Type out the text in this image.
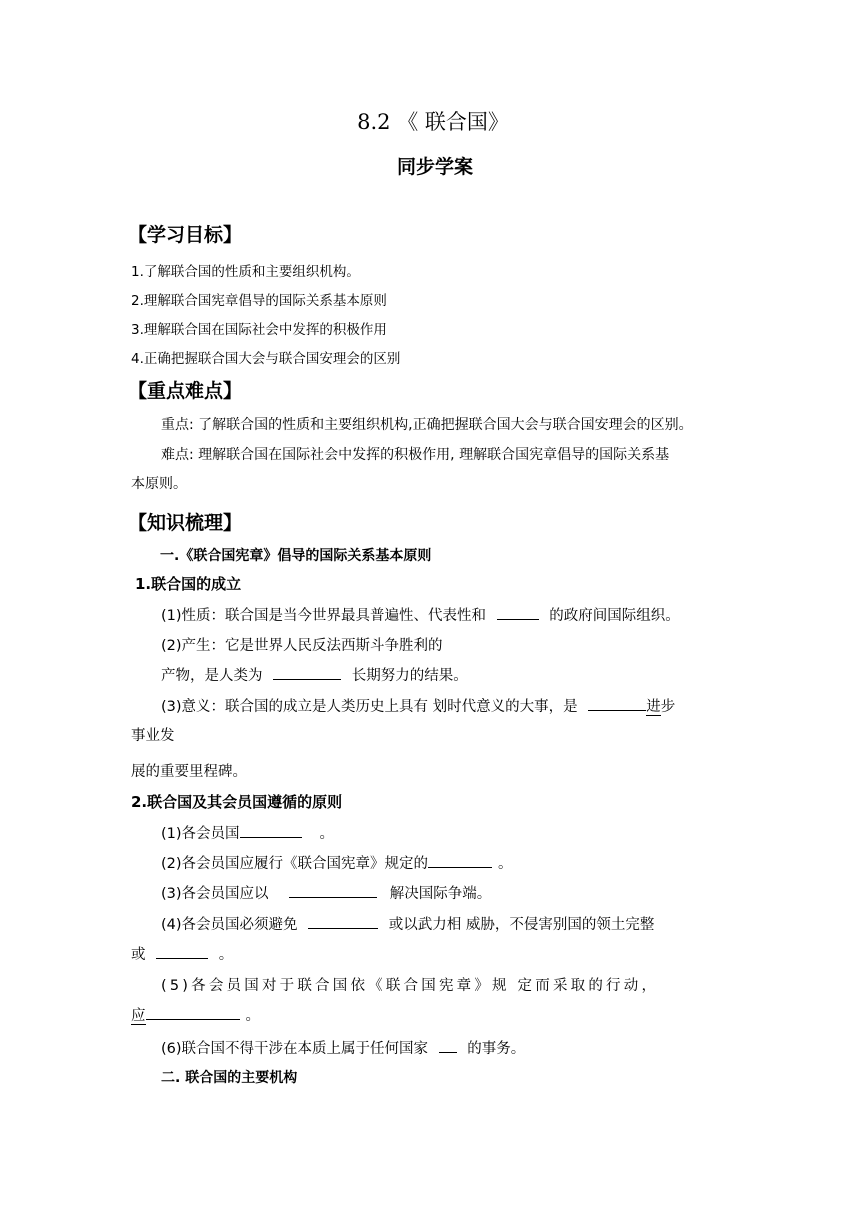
8.2 《 联合国》
同步学案
【学习目标】
1.了解联合国的性质和主要组织机构。
2.理解联合国宪章倡导的国际关系基本原则
3.理解联合国在国际社会中发挥的积极作用
4.正确把握联合国大会与联合国安理会的区别
【重点难点】
重点: 了解联合国的性质和主要组织机构,正确把握联合国大会与联合国安理会的区别。
难点: 理解联合国在国际社会中发挥的积极作用, 理解联合国宪章倡导的国际关系基
本原则。
【知识梳理】
一.《联合国宪章》倡导的国际关系基本原则
1.联合国的成立
(1)性质：联合国是当今世界最具普遍性、代表性和	的政府间国际组织。
(2)产生：它是世界人民反法西斯斗争胜利的
产物，是人类为	长期努力的结果。
(3)意义：联合国的成立是人类历史上具有 划时代意义的大事，是	进步
事业发
展的重要里程碑。
2.联合国及其会员国遵循的原则
(1)各会员国	。
(2)各会员国应履行《联合国宪章》规定的	。
(3)各会员国应以	解决国际争端。
(4)各会员国必须避免	或以武力相 威胁，不侵害别国的领土完整
或	。
(5)各会员国对于联合国依《联合国宪章》规 定而采取的行动，
应	。
(6)联合国不得干涉在本质上属于任何国家	的事务。
二. 联合国的主要机构
